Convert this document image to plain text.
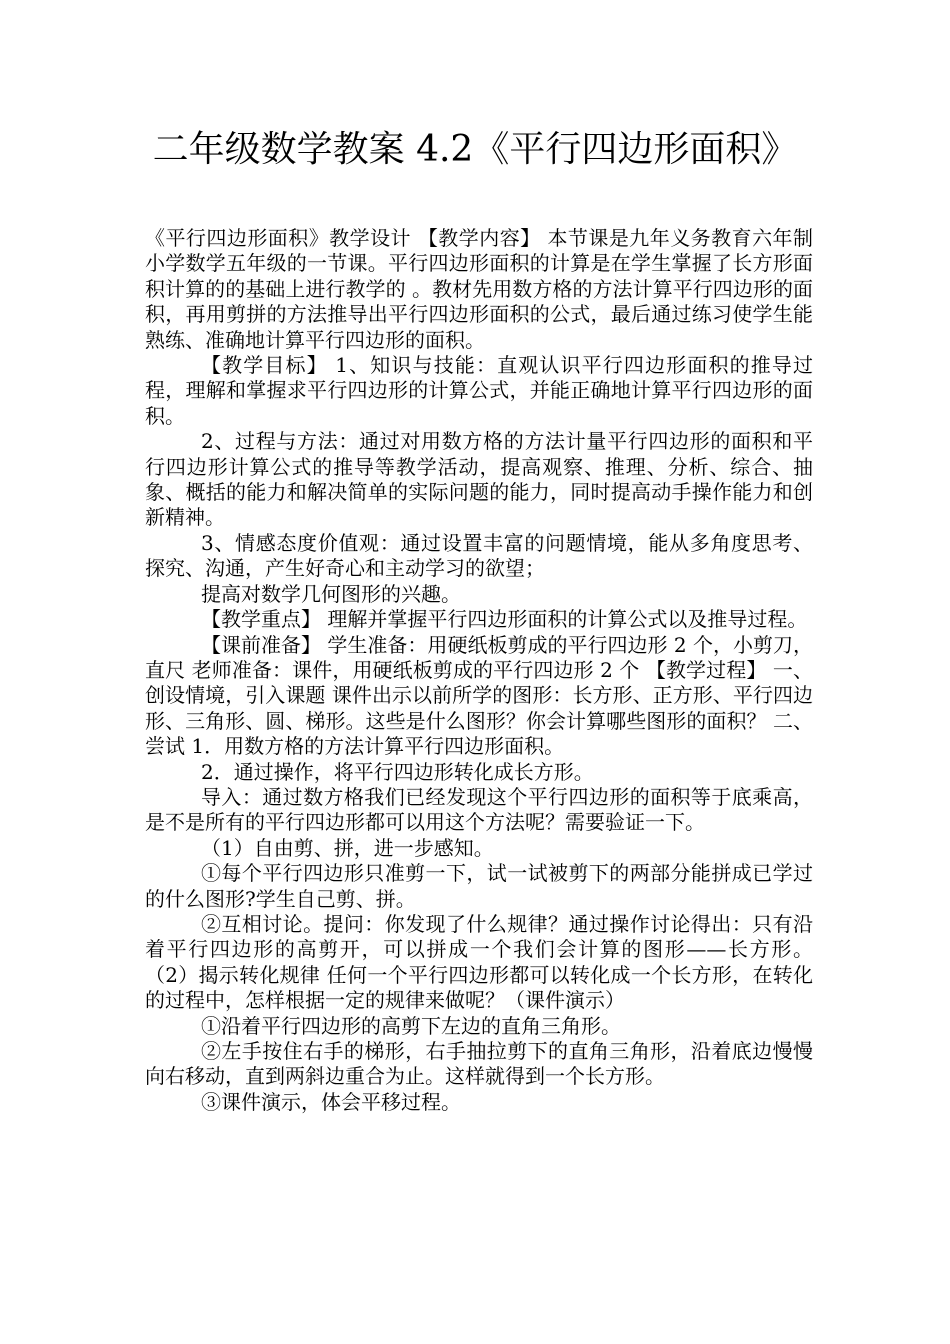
二年级数学教案 4.2《平行四边形面积》

《平行四边形面积》教学设计 【教学内容】 本节课是九年义务教育六年制小学数学五年级的一节课。平行四边形面积的计算是在学生掌握了长方形面积计算的的基础上进行教学的 。教材先用数方格的方法计算平行四边形的面积，再用剪拼的方法推导出平行四边形面积的公式，最后通过练习使学生能熟练、准确地计算平行四边形的面积。

【教学目标】 1、知识与技能：直观认识平行四边形面积的推导过程，理解和掌握求平行四边形的计算公式，并能正确地计算平行四边形的面积。

2、过程与方法：通过对用数方格的方法计量平行四边形的面积和平行四边形计算公式的推导等教学活动，提高观察、推理、分析、综合、抽象、概括的能力和解决简单的实际问题的能力，同时提高动手操作能力和创新精神。

3、情感态度价值观：通过设置丰富的问题情境，能从多角度思考、探究、沟通，产生好奇心和主动学习的欲望；

提高对数学几何图形的兴趣。

【教学重点】 理解并掌握平行四边形面积的计算公式以及推导过程。

【课前准备】 学生准备：用硬纸板剪成的平行四边形 2 个，小剪刀，直尺 老师准备：课件，用硬纸板剪成的平行四边形 2 个 【教学过程】 一、创设情境，引入课题 课件出示以前所学的图形：长方形、正方形、平行四边形、三角形、圆、梯形。这些是什么图形？你会计算哪些图形的面积？ 二、尝试 1．用数方格的方法计算平行四边形面积。

2．通过操作，将平行四边形转化成长方形。

导入：通过数方格我们已经发现这个平行四边形的面积等于底乘高，是不是所有的平行四边形都可以用这个方法呢？需要验证一下。

（1）自由剪、拼，进一步感知。

①每个平行四边形只准剪一下，试一试被剪下的两部分能拼成已学过的什么图形?学生自己剪、拼。

②互相讨论。提问：你发现了什么规律？通过操作讨论得出：只有沿着平行四边形的高剪开，可以拼成一个我们会计算的图形——长方形。 （2）揭示转化规律 任何一个平行四边形都可以转化成一个长方形，在转化的过程中，怎样根据一定的规律来做呢？（课件演示）

①沿着平行四边形的高剪下左边的直角三角形。

②左手按住右手的梯形，右手抽拉剪下的直角三角形，沿着底边慢慢向右移动，直到两斜边重合为止。这样就得到一个长方形。

③课件演示，体会平移过程。
